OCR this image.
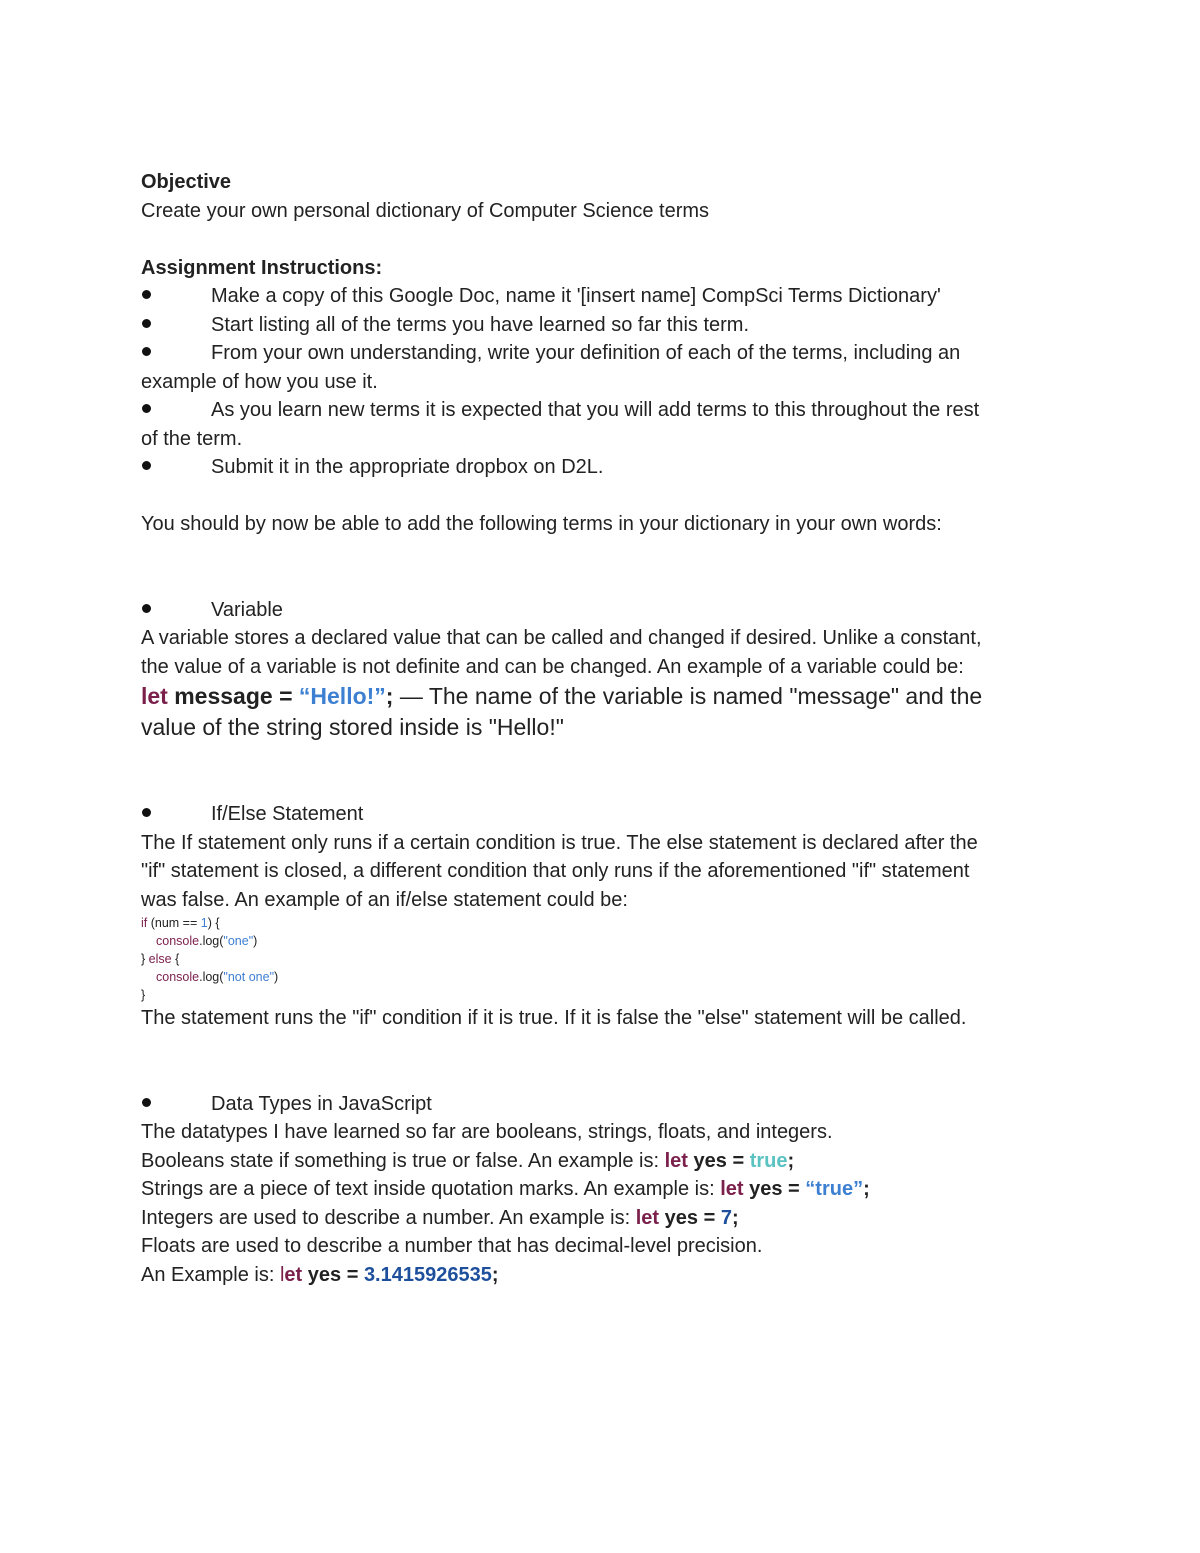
Objective

Create your own personal dictionary of Computer Science terms

Assignment Instructions:

Make a copy of this Google Doc, name it '[insert name] CompSci Terms Dictionary'

Start listing all of the terms you have learned so far this term.

From your own understanding, write your definition of each of the terms, including an

example of how you use it.

As you learn new terms it is expected that you will add terms to this throughout the rest

of the term.

Submit it in the appropriate dropbox on D2L.

You should by now be able to add the following terms in your dictionary in your own words:

Variable

A variable stores a declared value that can be called and changed if desired. Unlike a constant,

the value of a variable is not definite and can be changed. An example of a variable could be:

let message = “Hello!”; — The name of the variable is named "message" and the

value of the string stored inside is "Hello!"

If/Else Statement

The If statement only runs if a certain condition is true. The else statement is declared after the

"if" statement is closed, a different condition that only runs if the aforementioned "if" statement

was false. An example of an if/else statement could be:

if (num == 1) {
console.log("one")
} else {
console.log("not one")
}

The statement runs the "if" condition if it is true. If it is false the "else" statement will be called.

Data Types in JavaScript

The datatypes I have learned so far are booleans, strings, floats, and integers.

Booleans state if something is true or false. An example is: let yes = true;

Strings are a piece of text inside quotation marks. An example is: let yes = “true”;

Integers are used to describe a number. An example is: let yes = 7;

Floats are used to describe a number that has decimal-level precision.

An Example is: let yes = 3.1415926535;
